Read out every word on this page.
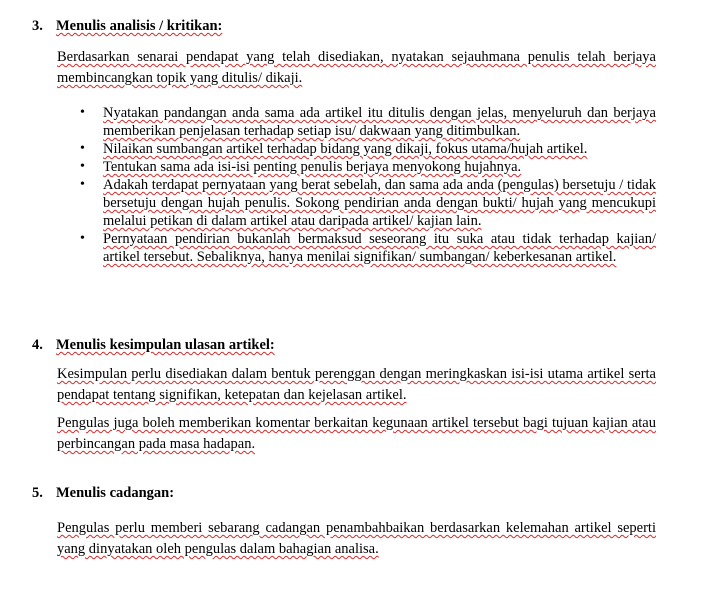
3. Menulis analisis / kritikan:

Berdasarkan senarai pendapat yang telah disediakan, nyatakan sejauhmana penulis telah berjaya membincangkan topik yang ditulis/ dikaji.

• Nyatakan pandangan anda sama ada artikel itu ditulis dengan jelas, menyeluruh dan berjaya memberikan penjelasan terhadap setiap isu/ dakwaan yang ditimbulkan.
• Nilaikan sumbangan artikel terhadap bidang yang dikaji, fokus utama/hujah artikel.
• Tentukan sama ada isi-isi penting penulis berjaya menyokong hujahnya.
• Adakah terdapat pernyataan yang berat sebelah, dan sama ada anda (pengulas) bersetuju / tidak bersetuju dengan hujah penulis. Sokong pendirian anda dengan bukti/ hujah yang mencukupi melalui petikan di dalam artikel atau daripada artikel/ kajian lain.
• Pernyataan pendirian bukanlah bermaksud seseorang itu suka atau tidak terhadap kajian/ artikel tersebut. Sebaliknya, hanya menilai signifikan/ sumbangan/ keberkesanan artikel.
4. Menulis kesimpulan ulasan artikel:

Kesimpulan perlu disediakan dalam bentuk perenggan dengan meringkaskan isi-isi utama artikel serta pendapat tentang signifikan, ketepatan dan kejelasan artikel.

Pengulas juga boleh memberikan komentar berkaitan kegunaan artikel tersebut bagi tujuan kajian atau perbincangan pada masa hadapan.

5. Menulis cadangan:

Pengulas perlu memberi sebarang cadangan penambahbaikan berdasarkan kelemahan artikel seperti yang dinyatakan oleh pengulas dalam bahagian analisa.
